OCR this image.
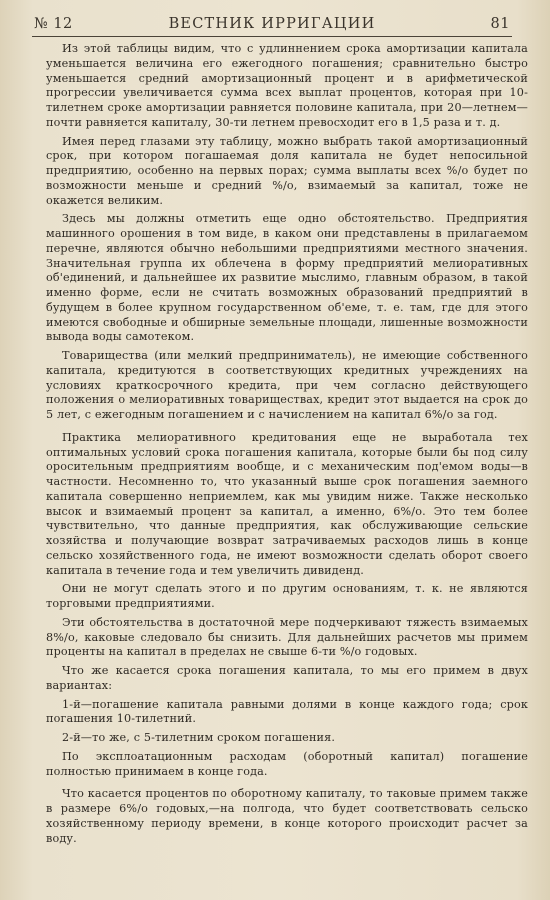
№ 12	ВЕСТНИК ИРРИГАЦИИ	81

Из этой таблицы видим, что с удлиннением срока амортизации капитала уменьшается величина его ежегодного погашения; сравнительно быстро уменьшается средний амортизационный процент и в арифметической прогрессии увеличивается сумма всех выплат процентов, которая при 10-тилетнем сроке амортизации равняется половине капитала, при 20—летнем—почти равняется капиталу, 30-ти летнем превосходит его в 1,5 раза и т. д.

Имея перед глазами эту таблицу, можно выбрать такой амортизационный срок, при котором погашаемая доля капитала не будет непосильной предприятию, особенно на первых порах; сумма выплаты всех %/о будет по возможности меньше и средний %/о, взимаемый за капитал, тоже не окажется великим.

Здесь мы должны отметить еще одно обстоятельство. Предприятия машинного орошения в том виде, в каком они представлены в прилагаемом перечне, являются обычно небольшими предприятиями местного значения. Значительная группа их облечена в форму предприятий мелиоративных об'единений, и дальнейшее их развитие мыслимо, главным образом, в такой именно форме, если не считать возможных образований предприятий в будущем в более крупном государственном об'еме, т. е. там, где для этого имеются свободные и обширные земельные площади, лишенные возможности вывода воды самотеком.

Товарищества (или мелкий предприниматель), не имеющие собственного капитала, кредитуются в соответствующих кредитных учреждениях на условиях краткосрочного кредита, при чем согласно действующего положения о мелиоративных товариществах, кредит этот выдается на срок до 5 лет, с ежегодным погашением и с начислением на капитал 6%/о за год.

Практика мелиоративного кредитования еще не выработала тех оптимальных условий срока погашения капитала, которые были бы под силу оросительным предприятиям вообще, и с механическим под'емом воды—в частности. Несомненно то, что указанный выше срок погашения заемного капитала совершенно неприемлем, как мы увидим ниже. Также несколько высок и взимаемый процент за капитал, а именно, 6%/о. Это тем более чувствительно, что данные предприятия, как обслуживающие сельские хозяйства и получающие возврат затрачиваемых расходов лишь в конце сельско хозяйственного года, не имеют возможности сделать оборот своего капитала в течение года и тем увеличить дивиденд.

Они не могут сделать этого и по другим основаниям, т. к. не являются торговыми предприятиями.

Эти обстоятельства в достаточной мере подчеркивают тяжесть взимаемых 8%/о, каковые следовало бы снизить. Для дальнейших расчетов мы примем проценты на капитал в пределах не свыше 6-ти %/о годовых.

Что же касается срока погашения капитала, то мы его примем в двух вариантах:

1-й—погашение капитала равными долями в конце каждого года; срок погашения 10-тилетний.

2-й—то же, с 5-тилетним сроком погашения.

По эксплоатационным расходам (оборотный капитал) погашение полностью принимаем в конце года.

Что касается процентов по оборотному капиталу, то таковые примем также в размере 6%/о годовых,—на полгода, что будет соответствовать сельско хозяйственному периоду времени, в конце которого происходит расчет за воду.
